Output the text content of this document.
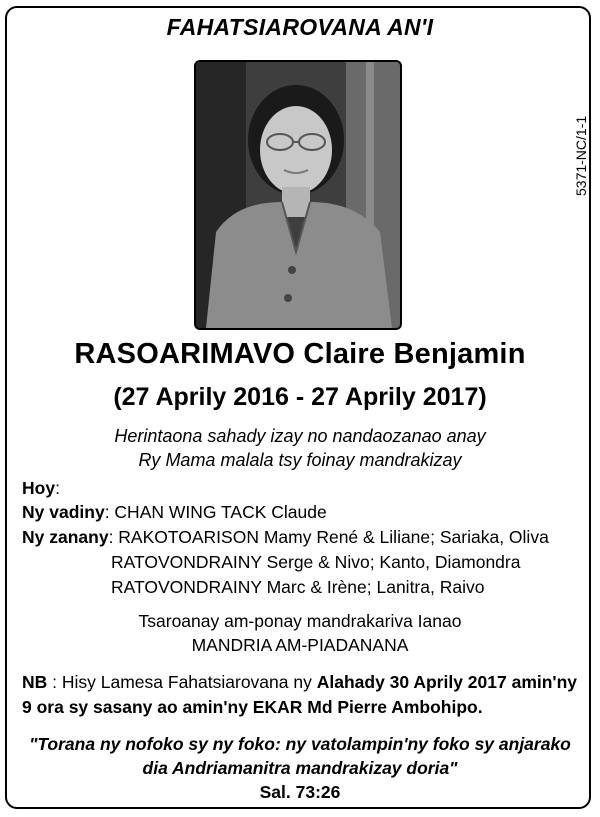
FAHATSIAROVANA AN'I
5371-NC/1-1
RASOARIMAVO Claire Benjamin
(27 Aprily 2016 - 27 Aprily 2017)
Herintaona sahady izay no nandaozanao anay
Ry Mama malala tsy foinay mandrakizay
Hoy:
Ny vadiny: CHAN WING TACK Claude
Ny zanany: RAKOTOARISON Mamy René & Liliane; Sariaka, Oliva
RATOVONDRAINY Serge & Nivo; Kanto, Diamondra
RATOVONDRAINY Marc & Irène; Lanitra, Raivo
Tsaroanay am-ponay mandrakariva Ianao
MANDRIA AM-PIADANANA
NB : Hisy Lamesa Fahatsiarovana ny Alahady 30 Aprily 2017 amin'ny
9 ora sy sasany ao amin'ny EKAR Md Pierre Ambohipo.
"Torana ny nofoko sy ny foko: ny vatolampin'ny foko sy anjarako
dia Andriamanitra mandrakizay doria"
Sal. 73:26
